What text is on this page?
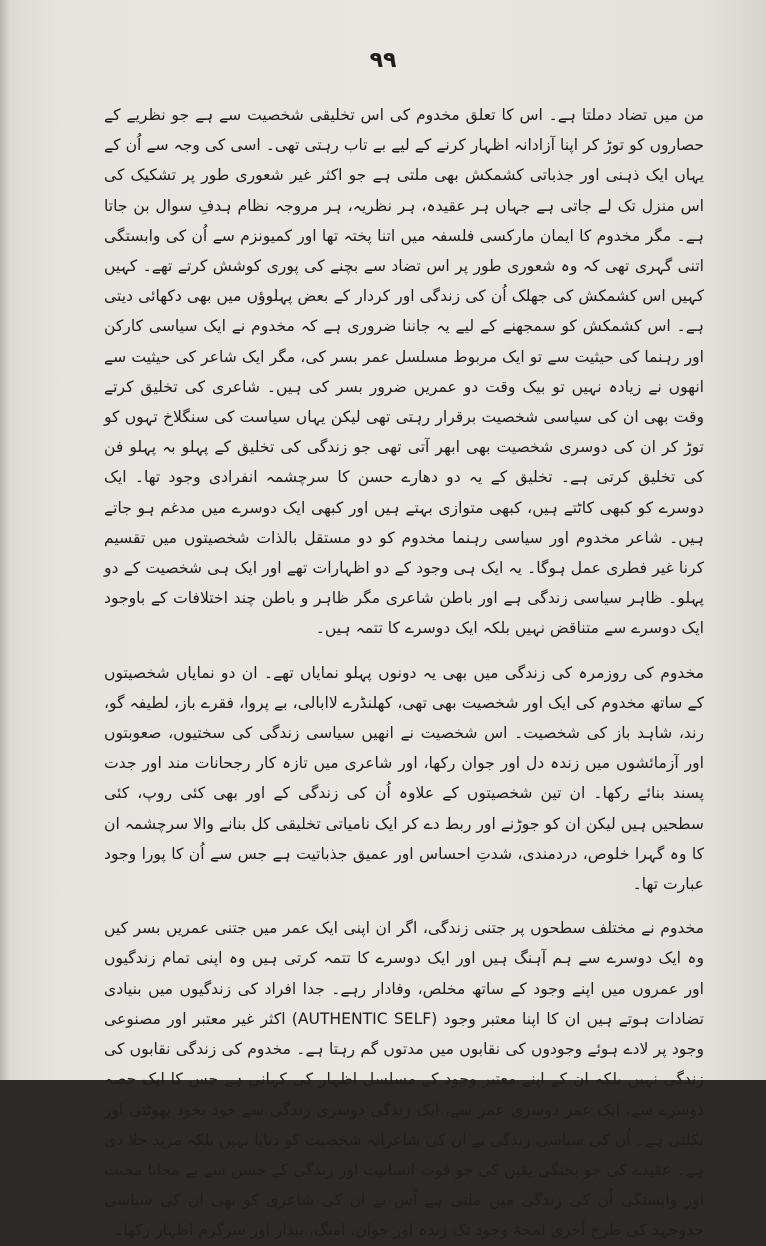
۹۹

من میں تضاد دملتا ہے۔ اس کا تعلق مخدوم کی اس تخلیقی شخصیت سے ہے جو نظریے کے حصاروں کو توڑ کر اپنا آزادانہ اظہار کرنے کے لیے بے تاب رہتی تھی۔ اسی کی وجہ سے اُن کے یہاں ایک ذہنی اور جذباتی کشمکش بھی ملتی ہے جو اکثر غیر شعوری طور پر تشکیک کی اس منزل تک لے جاتی ہے جہاں ہر عقیدہ، ہر نظریہ، ہر مروجہ نظام ہدفِ سوال بن جاتا ہے۔ مگر مخدوم کا ایمان مارکسی فلسفہ میں اتنا پختہ تھا اور کمیونزم سے اُن کی وابستگی اتنی گہری تھی کہ وہ شعوری طور پر اس تضاد سے بچنے کی پوری کوشش کرتے تھے۔ کہیں کہیں اس کشمکش کی جھلک اُن کی زندگی اور کردار کے بعض پہلوؤں میں بھی دکھائی دیتی ہے۔ اس کشمکش کو سمجھنے کے لیے یہ جاننا ضروری ہے کہ مخدوم نے ایک سیاسی کارکن اور رہنما کی حیثیت سے تو ایک مربوط مسلسل عمر بسر کی، مگر ایک شاعر کی حیثیت سے انھوں نے زیادہ نہیں تو بیک وقت دو عمریں ضرور بسر کی ہیں۔ شاعری کی تخلیق کرتے وقت بھی ان کی سیاسی شخصیت برقرار رہتی تھی لیکن یہاں سیاست کی سنگلاخ تہوں کو توڑ کر ان کی دوسری شخصیت بھی ابھر آتی تھی جو زندگی کی تخلیق کے پہلو بہ پہلو فن کی تخلیق کرتی ہے۔ تخلیق کے یہ دو دھارے حسن کا سرچشمہ انفرادی وجود تھا۔ ایک دوسرے کو کبھی کاٹتے ہیں، کبھی متوازی بہتے ہیں اور کبھی ایک دوسرے میں مدغم ہو جاتے ہیں۔ شاعر مخدوم اور سیاسی رہنما مخدوم کو دو مستقل بالذات شخصیتوں میں تقسیم کرنا غیر فطری عمل ہوگا۔ یہ ایک ہی وجود کے دو اظہارات تھے اور ایک ہی شخصیت کے دو پہلو۔ ظاہر سیاسی زندگی ہے اور باطن شاعری مگر ظاہر و باطن چند اختلافات کے باوجود ایک دوسرے سے متناقض نہیں بلکہ ایک دوسرے کا تتمہ ہیں۔

مخدوم کی روزمرہ کی زندگی میں بھی یہ دونوں پہلو نمایاں تھے۔ ان دو نمایاں شخصیتوں کے ساتھ مخدوم کی ایک اور شخصیت بھی تھی، کھلنڈرے لاابالی، بے پروا، فقرے باز، لطیفہ گو، رند، شاہد باز کی شخصیت۔ اس شخصیت نے انھیں سیاسی زندگی کی سختیوں، صعوبتوں اور آزمائشوں میں زندہ دل اور جوان رکھا، اور شاعری میں تازہ کار رجحانات مند اور جدت پسند بنائے رکھا۔ ان تین شخصیتوں کے علاوہ اُن کی زندگی کے اور بھی کئی روپ، کئی سطحیں ہیں لیکن ان کو جوڑنے اور ربط دے کر ایک نامیاتی تخلیقی کل بنانے والا سرچشمہ ان کا وہ گہرا خلوص، دردمندی، شدتِ احساس اور عمیق جذباتیت ہے جس سے اُن کا پورا وجود عبارت تھا۔

مخدوم نے مختلف سطحوں پر جتنی زندگی، اگر ان اپنی ایک عمر میں جتنی عمریں بسر کیں وہ ایک دوسرے سے ہم آہنگ ہیں اور ایک دوسرے کا تتمہ کرتی ہیں وہ اپنی تمام زندگیوں اور عمروں میں اپنے وجود کے ساتھ مخلص، وفادار رہے۔ جدا افراد کی زندگیوں میں بنیادی تضادات ہوتے ہیں ان کا اپنا معتبر وجود (AUTHENTIC SELF) اکثر غیر معتبر اور مصنوعی وجود پر لادے ہوئے وجودوں کی نقابوں میں مدتوں گم رہتا ہے۔ مخدوم کی زندگی نقابوں کی زندگی نہیں بلکہ ان کے اپنے معتبر وجود کے مسلسل اظہار کی کہانی ہے جس کا ایک حصہ دوسرے سے، ایک عمر دوسری عمر سے، ایک زندگی دوسری زندگی سے خود بخود پھوٹتی اور نکلتی ہے۔ اُن کی سیاسی زندگی نے ان کی شاعرانہ شخصیت کو دبایا نہیں بلکہ مزید جلا دی ہے۔ عقیدے کی جو پختگی یقین کی جو قوت انسانیت اور زندگی کے حسن سے بے محابا محبت اور وابستگی اُن کی زندگی میں ملتی ہے اُس نے ان کی شاعری کو بھی ان کی سیاسی جدوجہد کی طرح آخری لمحۂ وجود تک زندہ اور جوان، امنگ، بیدار اور سرگرم اظہار رکھا۔
